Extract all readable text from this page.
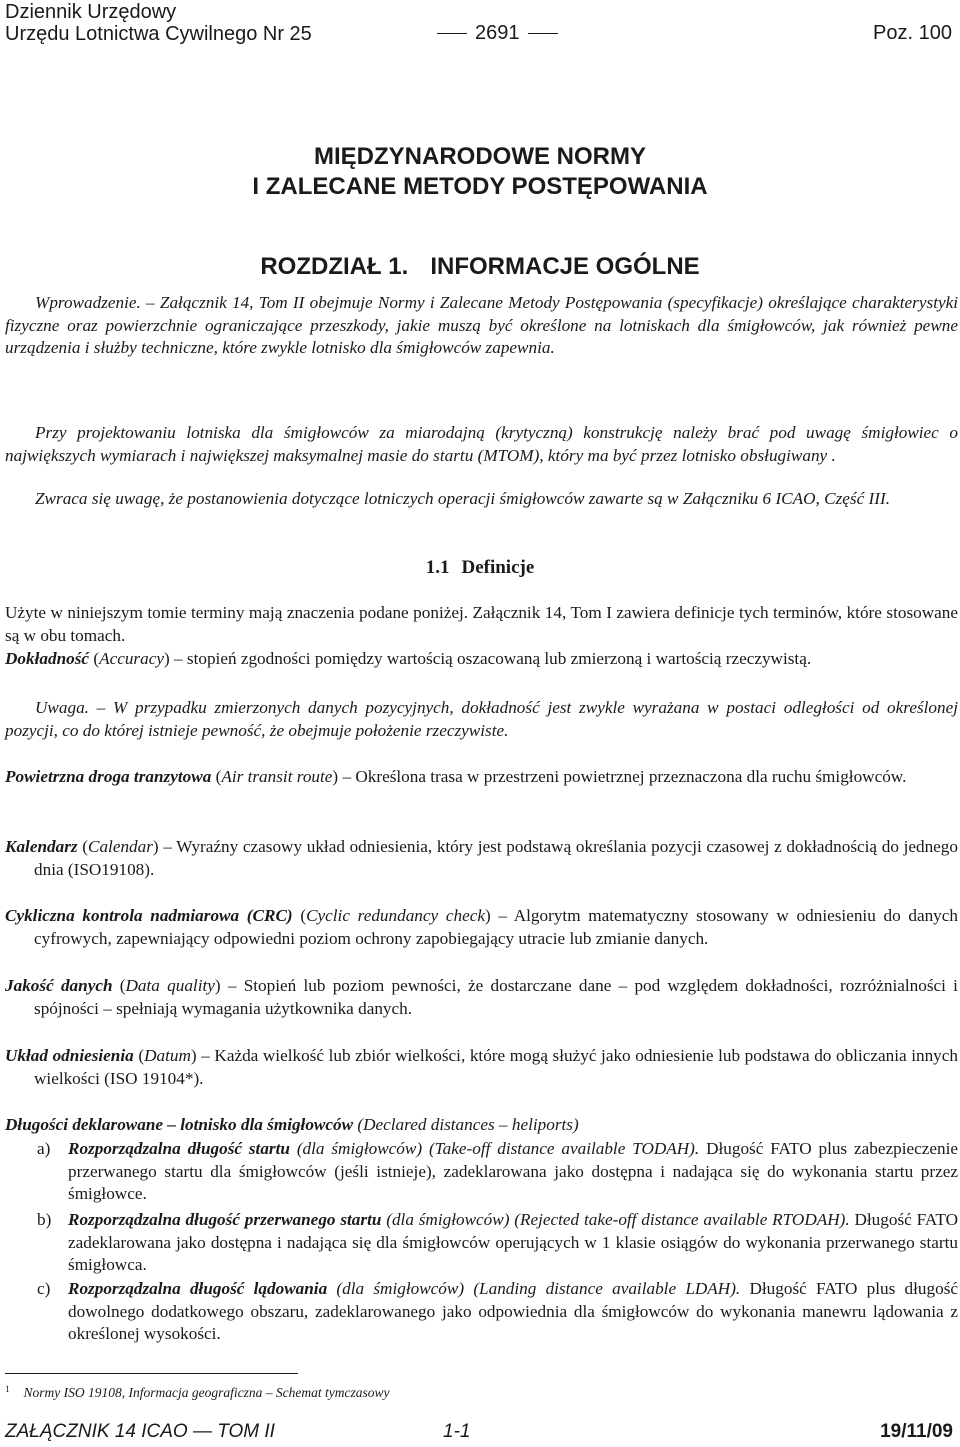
Dziennik Urzędowy
Urzędu Lotnictwa Cywilnego Nr 25	2691	Poz. 100
MIĘDZYNARODOWE NORMY
I ZALECANE METODY POSTĘPOWANIA
ROZDZIAŁ 1. INFORMACJE OGÓLNE

Wprowadzenie. – Załącznik 14, Tom II obejmuje Normy i Zalecane Metody Postępowania (specyfikacje) określające charakterystyki fizyczne oraz powierzchnie ograniczające przeszkody, jakie muszą być określone na lotniskach dla śmigłowców, jak również pewne urządzenia i służby techniczne, które zwykle lotnisko dla śmigłowców zapewnia.

Przy projektowaniu lotniska dla śmigłowców za miarodajną (krytyczną) konstrukcję należy brać pod uwagę śmigłowiec o największych wymiarach i największej maksymalnej masie do startu (MTOM), który ma być przez lotnisko obsługiwany .

Zwraca się uwagę, że postanowienia dotyczące lotniczych operacji śmigłowców zawarte są w Załączniku 6 ICAO, Część III.

1.1 Definicje

Użyte w niniejszym tomie terminy mają znaczenia podane poniżej. Załącznik 14, Tom I zawiera definicje tych terminów, które stosowane są w obu tomach.

Dokładność (Accuracy) – stopień zgodności pomiędzy wartością oszacowaną lub zmierzoną i wartością rzeczywistą.

Uwaga. – W przypadku zmierzonych danych pozycyjnych, dokładność jest zwykle wyrażana w postaci odległości od określonej pozycji, co do której istnieje pewność, że obejmuje położenie rzeczywiste.

Powietrzna droga tranzytowa (Air transit route) – Określona trasa w przestrzeni powietrznej przeznaczona dla ruchu śmigłowców.

Kalendarz (Calendar) – Wyraźny czasowy układ odniesienia, który jest podstawą określania pozycji czasowej z dokładnością do jednego dnia (ISO19108).

Cykliczna kontrola nadmiarowa (CRC) (Cyclic redundancy check) – Algorytm matematyczny stosowany w odniesieniu do danych cyfrowych, zapewniający odpowiedni poziom ochrony zapobiegający utracie lub zmianie danych.

Jakość danych (Data quality) – Stopień lub poziom pewności, że dostarczane dane – pod względem dokładności, rozróżnialności i spójności – spełniają wymagania użytkownika danych.

Układ odniesienia (Datum) – Każda wielkość lub zbiór wielkości, które mogą służyć jako odniesienie lub podstawa do obliczania innych wielkości (ISO 19104*).

Długości deklarowane – lotnisko dla śmigłowców (Declared distances – heliports)

a) Rozporządzalna długość startu (dla śmigłowców) (Take-off distance available TODAH). Długość FATO plus zabezpieczenie przerwanego startu dla śmigłowców (jeśli istnieje), zadeklarowana jako dostępna i nadająca się do wykonania startu przez śmigłowce.
b) Rozporządzalna długość przerwanego startu (dla śmigłowców) (Rejected take-off distance available RTODAH). Długość FATO zadeklarowana jako dostępna i nadająca się dla śmigłowców operujących w 1 klasie osiągów do wykonania przerwanego startu śmigłowca.
c) Rozporządzalna długość lądowania (dla śmigłowców) (Landing distance available LDAH). Długość FATO plus długość dowolnego dodatkowego obszaru, zadeklarowanego jako odpowiednia dla śmigłowców do wykonania manewru lądowania z określonej wysokości.
$^1$ Normy ISO 19108, Informacja geograficzna – Schemat tymczasowy
ZAŁĄCZNIK 14 ICAO — TOM II	1-1	19/11/09
